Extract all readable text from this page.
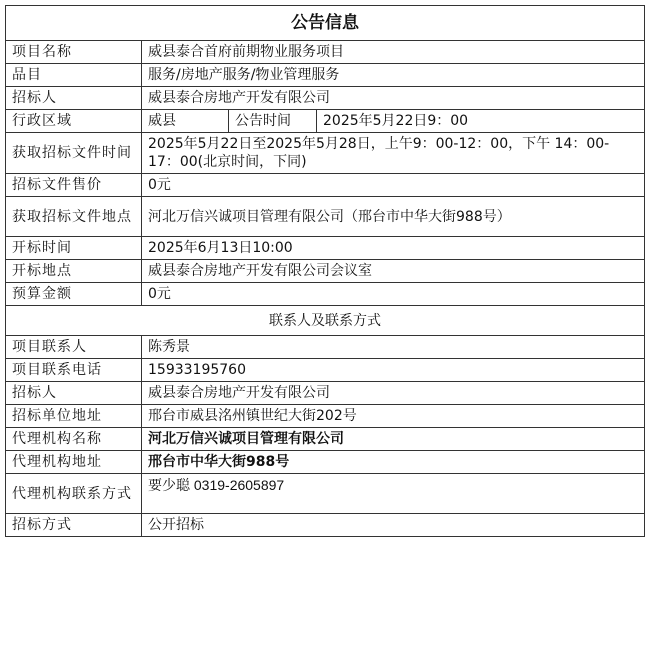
公告信息			
项目名称	威县泰合首府前期物业服务项目		
品目	服务/房地产服务/物业管理服务		
招标人	威县泰合房地产开发有限公司		
行政区域	威县	公告时间	2025年5月22日9：00
获取招标文件时间	2025年5月22日至2025年5月28日，上午9：00-12：00，下午 14：00-17：00(北京时间，下同)		
招标文件售价	0元		
获取招标文件地点	河北万信兴诚项目管理有限公司（邢台市中华大街988号）		
开标时间	2025年6月13日10:00		
开标地点	威县泰合房地产开发有限公司会议室		
预算金额	0元		
联系人及联系方式			
项目联系人	陈秀景		
项目联系电话	15933195760		
招标人	威县泰合房地产开发有限公司		
招标单位地址	邢台市威县洺州镇世纪大街202号		
代理机构名称	河北万信兴诚项目管理有限公司		
代理机构地址	邢台市中华大街988号		
代理机构联系方式	要少聪 0319-2605897		
招标方式	公开招标		
